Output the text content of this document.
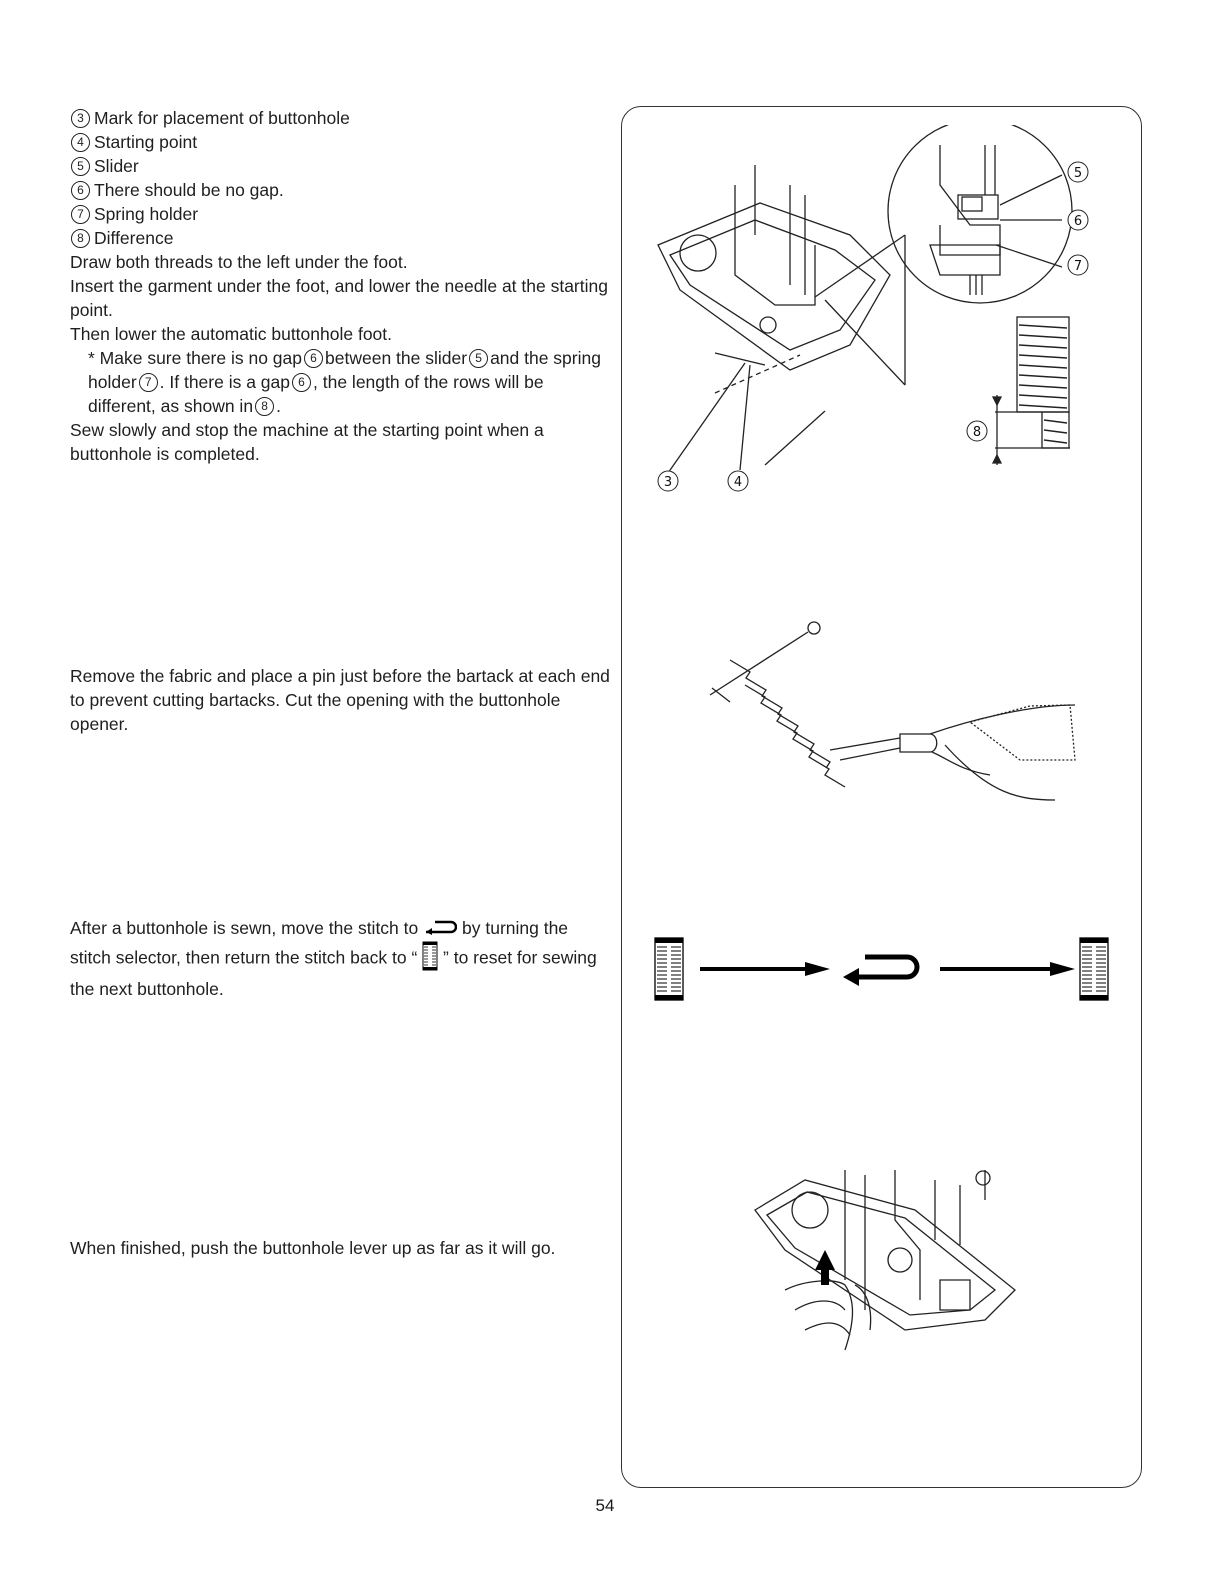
3 Mark for placement of buttonhole
4 Starting point
5 Slider
6 There should be no gap.
7 Spring holder
8 Difference

Draw both threads to the left under the foot.

Insert the garment under the foot, and lower the needle at the starting point.

Then lower the automatic buttonhole foot.

* Make sure there is no gap 6 between the slider 5 and the spring holder 7 . If there is a gap 6 , the length of the rows will be different, as shown in 8 .

Sew slowly and stop the machine at the starting point when a buttonhole is completed.

Remove the fabric and place a pin just before the bartack at each end to prevent cutting bartacks. Cut the opening with the buttonhole opener.

After a buttonhole is sewn, move the stitch to	by turning the stitch selector, then return the stitch back to “ ” to reset for sewing the next buttonhole.

When finished, push the buttonhole lever up as far as it will go.

5
6
7
8
3	4
54
